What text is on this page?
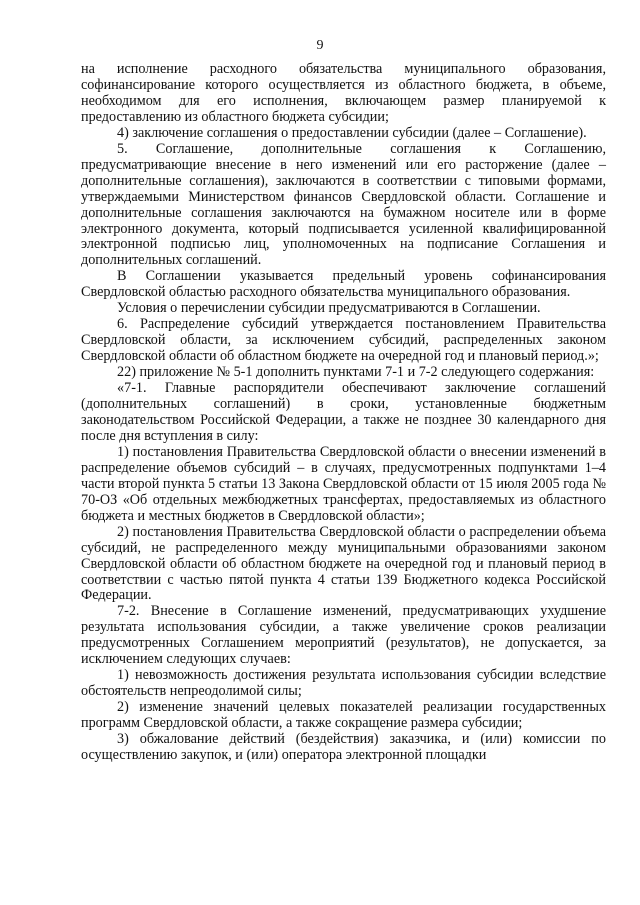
9

на исполнение расходного обязательства муниципального образования, софинансирование которого осуществляется из областного бюджета, в объеме, необходимом для его исполнения, включающем размер планируемой к предоставлению из областного бюджета субсидии;

4) заключение соглашения о предоставлении субсидии (далее – Соглашение).

5. Соглашение, дополнительные соглашения к Соглашению, предусматривающие внесение в него изменений или его расторжение (далее – дополнительные соглашения), заключаются в соответствии с типовыми формами, утверждаемыми Министерством финансов Свердловской области. Соглашение и дополнительные соглашения заключаются на бумажном носителе или в форме электронного документа, который подписывается усиленной квалифицированной электронной подписью лиц, уполномоченных на подписание Соглашения и дополнительных соглашений.

В Соглашении указывается предельный уровень софинансирования Свердловской областью расходного обязательства муниципального образования.

Условия о перечислении субсидии предусматриваются в Соглашении.

6. Распределение субсидий утверждается постановлением Правительства Свердловской области, за исключением субсидий, распределенных законом Свердловской области об областном бюджете на очередной год и плановый период.»;

22) приложение № 5-1 дополнить пунктами 7-1 и 7-2 следующего содержания:

«7-1. Главные распорядители обеспечивают заключение соглашений (дополнительных соглашений) в сроки, установленные бюджетным законодательством Российской Федерации, а также не позднее 30 календарного дня после дня вступления в силу:

1) постановления Правительства Свердловской области о внесении изменений в распределение объемов субсидий – в случаях, предусмотренных подпунктами 1–4 части второй пункта 5 статьи 13 Закона Свердловской области от 15 июля 2005 года № 70-ОЗ «Об отдельных межбюджетных трансфертах, предоставляемых из областного бюджета и местных бюджетов в Свердловской области»;

2) постановления Правительства Свердловской области о распределении объема субсидий, не распределенного между муниципальными образованиями законом Свердловской области об областном бюджете на очередной год и плановый период в соответствии с частью пятой пункта 4 статьи 139 Бюджетного кодекса Российской Федерации.

7-2. Внесение в Соглашение изменений, предусматривающих ухудшение результата использования субсидии, а также увеличение сроков реализации предусмотренных Соглашением мероприятий (результатов), не допускается, за исключением следующих случаев:

1) невозможность достижения результата использования субсидии вследствие обстоятельств непреодолимой силы;

2) изменение значений целевых показателей реализации государственных программ Свердловской области, а также сокращение размера субсидии;

3) обжалование действий (бездействия) заказчика, и (или) комиссии по осуществлению закупок, и (или) оператора электронной площадки
